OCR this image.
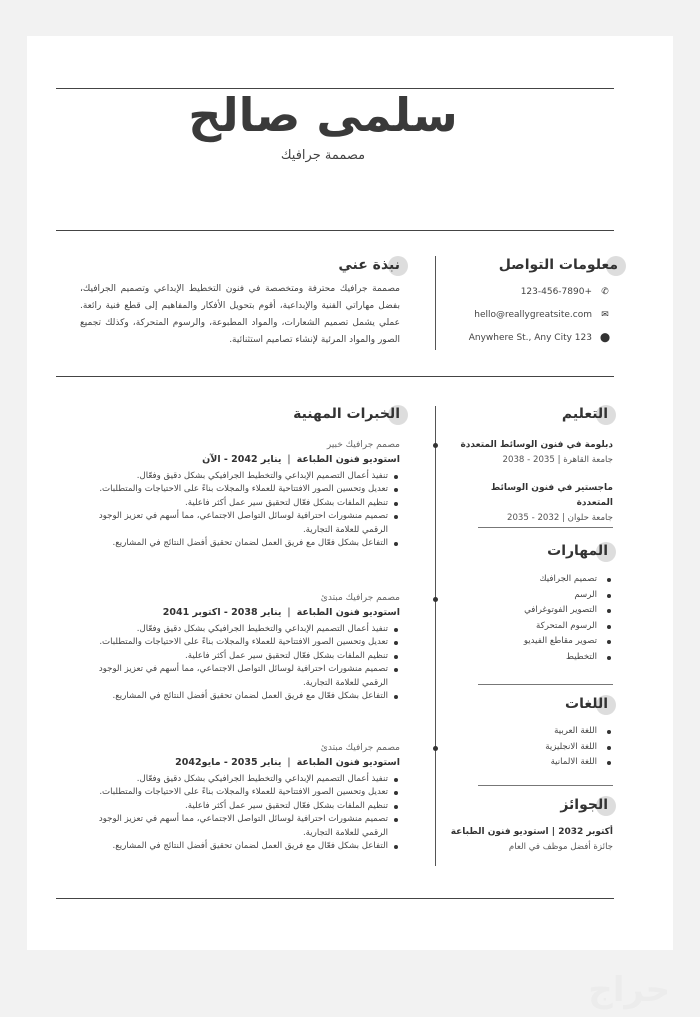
سلمى صالح
مصممة جرافيك
معلومات التواصل
✆123-456-7890+
✉hello@reallygreatsite.com
⬤Anywhere St., Any City 123
نبذة عني
مصممة جرافيك محترفة ومتخصصة في فنون التخطيط الإبداعي وتصميم الجرافيك، بفضل مهاراتي الفنية والإبداعية، أقوم بتحويل الأفكار والمفاهيم إلى قطع فنية رائعة. عملي يشمل تصميم الشعارات، والمواد المطبوعة، والرسوم المتحركة، وكذلك تجميع الصور والمواد المرئية لإنشاء تصاميم استثنائية.
الخبرات المهنية
مصمم جرافيك خبير
استوديو فنون الطباعة|يناير 2042 - الآن
تنفيذ أعمال التصميم الإبداعي والتخطيط الجرافيكي بشكل دقيق وفعّال.
تعديل وتحسين الصور الافتتاحية للعملاء والمجلات بناءً على الاحتياجات والمتطلبات.
تنظيم الملفات بشكل فعّال لتحقيق سير عمل أكثر فاعلية.
تصميم منشورات احترافية لوسائل التواصل الاجتماعي، مما أسهم في تعزيز الوجود الرقمي للعلامة التجارية.
التفاعل بشكل فعّال مع فريق العمل لضمان تحقيق أفضل النتائج في المشاريع.
مصمم جرافيك مبتدئ
استوديو فنون الطباعة|يناير 2038 - اكتوبر 2041
تنفيذ أعمال التصميم الإبداعي والتخطيط الجرافيكي بشكل دقيق وفعّال.
تعديل وتحسين الصور الافتتاحية للعملاء والمجلات بناءً على الاحتياجات والمتطلبات.
تنظيم الملفات بشكل فعّال لتحقيق سير عمل أكثر فاعلية.
تصميم منشورات احترافية لوسائل التواصل الاجتماعي، مما أسهم في تعزيز الوجود الرقمي للعلامة التجارية.
التفاعل بشكل فعّال مع فريق العمل لضمان تحقيق أفضل النتائج في المشاريع.
مصمم جرافيك مبتدئ
استوديو فنون الطباعة|يناير 2035 - مايو2042
تنفيذ أعمال التصميم الإبداعي والتخطيط الجرافيكي بشكل دقيق وفعّال.
تعديل وتحسين الصور الافتتاحية للعملاء والمجلات بناءً على الاحتياجات والمتطلبات.
تنظيم الملفات بشكل فعّال لتحقيق سير عمل أكثر فاعلية.
تصميم منشورات احترافية لوسائل التواصل الاجتماعي، مما أسهم في تعزيز الوجود الرقمي للعلامة التجارية.
التفاعل بشكل فعّال مع فريق العمل لضمان تحقيق أفضل النتائج في المشاريع.
التعليم
دبلومة في فنون الوسائط المتعددة
جامعة القاهرة | 2035 - 2038
ماجستير في فنون الوسائط المتعددة
جامعة حلوان | 2032 - 2035
المهارات
تصميم الجرافيك
الرسم
التصوير الفوتوغرافي
الرسوم المتحركة
تصوير مقاطع الفيديو
التخطيط
اللغات
اللغة العربية
اللغة الانجليزية
اللغة الالمانية
الجوائز
أكتوبر 2032 | استوديو فنون الطباعة
جائزة أفضل موظف في العام
حراج
